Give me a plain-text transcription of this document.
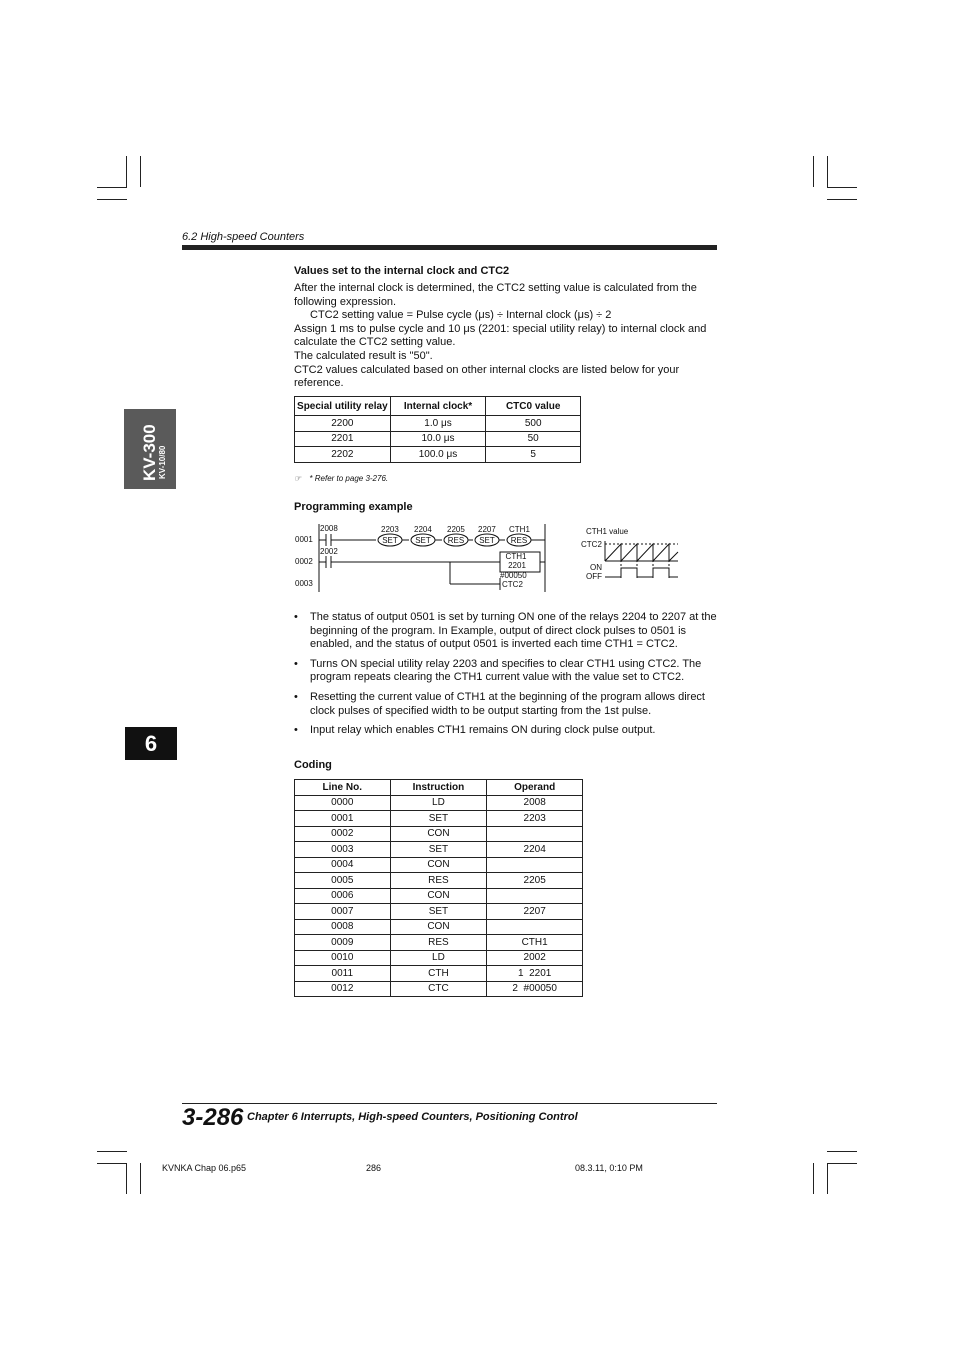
6.2 High-speed Counters
KV-300 KV-10/80
6
Values set to the internal clock and CTC2
After the internal clock is determined, the CTC2 setting value is calculated from the following expression.
CTC2 setting value = Pulse cycle (μs) ÷ Internal clock (μs) ÷ 2
Assign 1 ms to pulse cycle and 10 μs (2201: special utility relay) to internal clock and calculate the CTC2 setting value.
The calculated result is "50".
CTC2 values calculated based on other internal clocks are listed below for your reference.
Special utility relay	Internal clock*	CTC0 value
2200	1.0 μs	500
2201	10.0 μs	50
2202	100.0 μs	5
☞ * Refer to page 3-276.
Programming example
0001
0002
0003
2008
2002
2203 2204 2205 2207 CTH1
SET SET RES SET RES
CTH1
2201
#00050
CTC2
CTH1 value
CTC2
ON
OFF
• The status of output 0501 is set by turning ON one of the relays 2204 to 2207 at the beginning of the program. In Example, output of direct clock pulses to 0501 is enabled, and the status of output 0501 is inverted each time CTH1 = CTC2.
• Turns ON special utility relay 2203 and specifies to clear CTH1 using CTC2. The program repeats clearing the CTH1 current value with the value set to CTC2.
• Resetting the current value of CTH1 at the beginning of the program allows direct clock pulses of specified width to be output starting from the 1st pulse.
• Input relay which enables CTH1 remains ON during clock pulse output.
Coding
Line No.	Instruction	Operand
0000	LD	2008
0001	SET	2203
0002	CON	
0003	SET	2204
0004	CON	
0005	RES	2205
0006	CON	
0007	SET	2207
0008	CON	
0009	RES	CTH1
0010	LD	2002
0011	CTH	1  2201
0012	CTC	2  #00050
3-286 Chapter 6 Interrupts, High-speed Counters, Positioning Control
KVNKA Chap 06.p65	286	08.3.11, 0:10 PM
